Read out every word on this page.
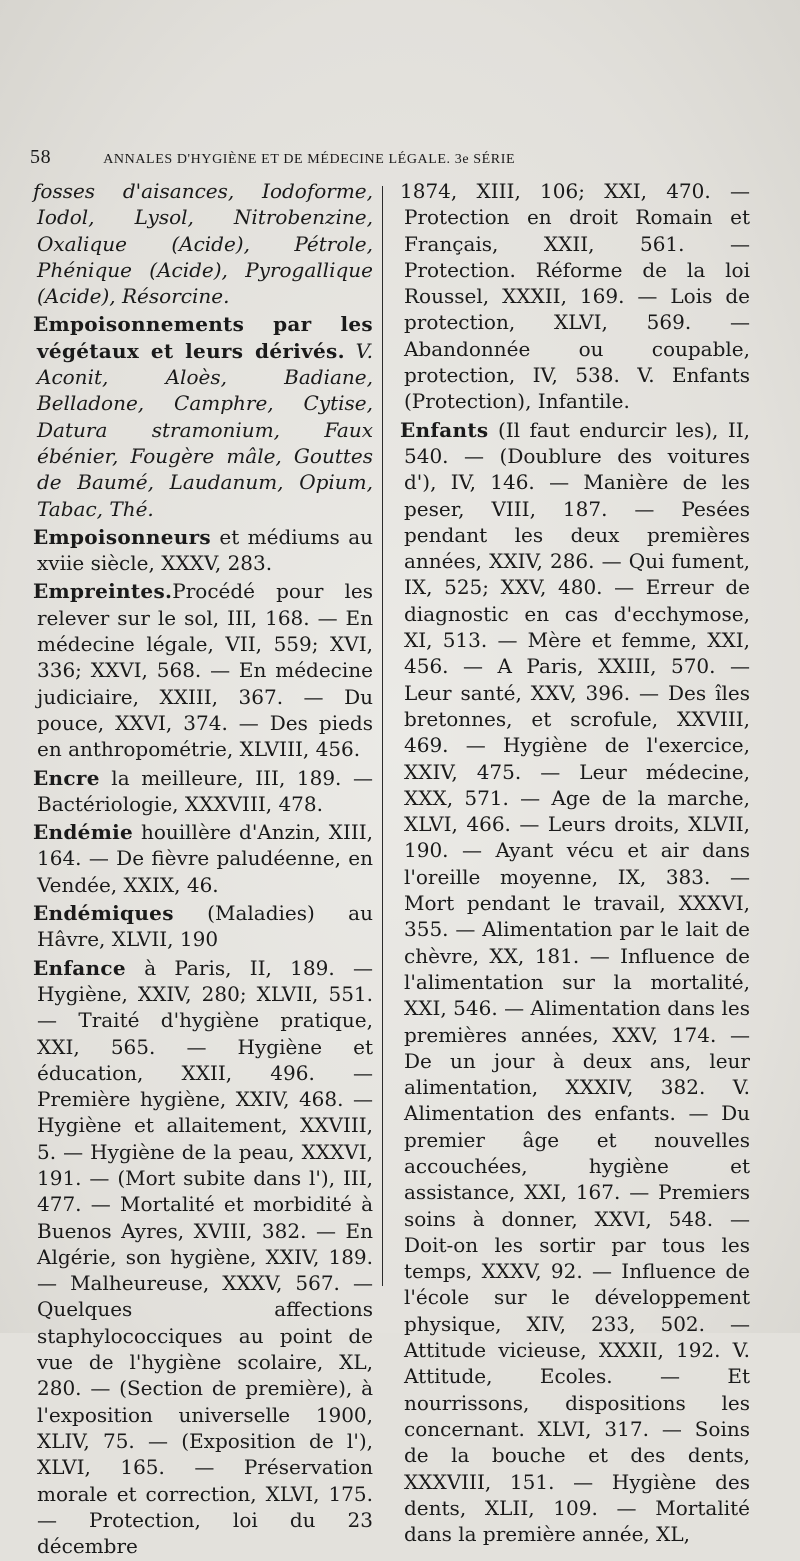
58	ANNALES D'HYGIÈNE ET DE MÉDECINE LÉGALE. 3e SÉRIE
fosses d'aisances, Iodoforme, Iodol, Lysol, Nitrobenzine, Oxalique (Acide), Pétrole, Phénique (Acide), Pyrogallique (Acide), Résorcine.
Empoisonnements par les végétaux et leurs dérivés. V. Aconit, Aloès, Badiane, Belladone, Camphre, Cytise, Datura stramonium, Faux ébénier, Fougère mâle, Gouttes de Baumé, Laudanum, Opium, Tabac, Thé.
Empoisonneurs et médiums au xviie siècle, XXXV, 283.
Empreintes.Procédé pour les relever sur le sol, III, 168. — En médecine légale, VII, 559; XVI, 336; XXVI, 568. — En médecine judiciaire, XXIII, 367. — Du pouce, XXVI, 374. — Des pieds en anthropométrie, XLVIII, 456.
Encre la meilleure, III, 189. — Bactériologie, XXXVIII, 478.
Endémie houillère d'Anzin, XIII, 164. — De fièvre paludéenne, en Vendée, XXIX, 46.
Endémiques (Maladies) au Hâvre, XLVII, 190
Enfance à Paris, II, 189. — Hygiène, XXIV, 280; XLVII, 551. — Traité d'hygiène pratique, XXI, 565. — Hygiène et éducation, XXII, 496. — Première hygiène, XXIV, 468. — Hygiène et allaitement, XXVIII, 5. — Hygiène de la peau, XXXVI, 191. — (Mort subite dans l'), III, 477. — Mortalité et morbidité à Buenos Ayres, XVIII, 382. — En Algérie, son hygiène, XXIV, 189. — Malheureuse, XXXV, 567. — Quelques affections staphylococciques au point de vue de l'hygiène scolaire, XL, 280. — (Section de première), à l'exposition universelle 1900, XLIV, 75. — (Exposition de l'), XLVI, 165. — Préservation morale et correction, XLVI, 175. — Protection, loi du 23 décembre
1874, XIII, 106; XXI, 470. — Protection en droit Romain et Français, XXII, 561. — Protection. Réforme de la loi Roussel, XXXII, 169. — Lois de protection, XLVI, 569. — Abandonnée ou coupable, protection, IV, 538. V. Enfants (Protection), Infantile.
Enfants (Il faut endurcir les), II, 540. — (Doublure des voitures d'), IV, 146. — Manière de les peser, VIII, 187. — Pesées pendant les deux premières années, XXIV, 286. — Qui fument, IX, 525; XXV, 480. — Erreur de diagnostic en cas d'ecchymose, XI, 513. — Mère et femme, XXI, 456. — A Paris, XXIII, 570. — Leur santé, XXV, 396. — Des îles bretonnes, et scrofule, XXVIII, 469. — Hygiène de l'exercice, XXIV, 475. — Leur médecine, XXX, 571. — Age de la marche, XLVI, 466. — Leurs droits, XLVII, 190. — Ayant vécu et air dans l'oreille moyenne, IX, 383. — Mort pendant le travail, XXXVI, 355. — Alimentation par le lait de chèvre, XX, 181. — Influence de l'alimentation sur la mortalité, XXI, 546. — Alimentation dans les premières années, XXV, 174. — De un jour à deux ans, leur alimentation, XXXIV, 382. V. Alimentation des enfants. — Du premier âge et nouvelles accouchées, hygiène et assistance, XXI, 167. — Premiers soins à donner, XXVI, 548. — Doit-on les sortir par tous les temps, XXXV, 92. — Influence de l'école sur le développement physique, XIV, 233, 502. — Attitude vicieuse, XXXII, 192. V. Attitude, Ecoles. — Et nourrissons, dispositions les concernant. XLVI, 317. — Soins de la bouche et des dents, XXXVIII, 151. — Hygiène des dents, XLII, 109. — Mortalité dans la première année, XL,
